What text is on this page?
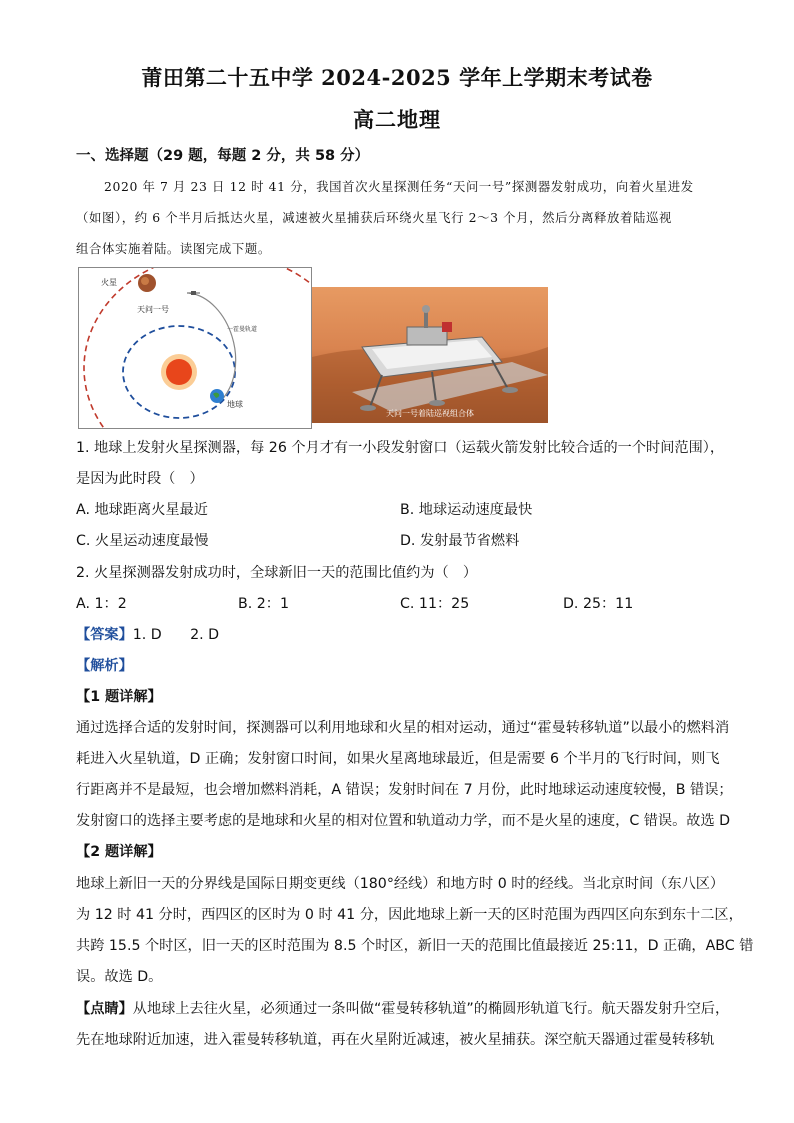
莆田第二十五中学 2024-2025 学年上学期末考试卷
高二地理
一、选择题（29 题，每题 2 分，共 58 分）
2020 年 7 月 23 日 12 时 41 分，我国首次火星探测任务“天问一号”探测器发射成功，向着火星进发
（如图），约 6 个半月后抵达火星，减速被火星捕获后环绕火星飞行 2～3 个月，然后分离释放着陆巡视
组合体实施着陆。读图完成下题。
火星
天问一号
一霍曼轨道
地球
天问一号着陆巡视组合体
1. 地球上发射火星探测器，每 26 个月才有一小段发射窗口（运载火箭发射比较合适的一个时间范围），
是因为此时段（　）
A. 地球距离火星最近	B. 地球运动速度最快
C. 火星运动速度最慢	D. 发射最节省燃料
2. 火星探测器发射成功时，全球新旧一天的范围比值约为（　）
A. 1：2	B. 2：1	C. 11：25	D. 25：11
【答案】1. D　　2. D
【解析】
【1 题详解】
通过选择合适的发射时间，探测器可以利用地球和火星的相对运动，通过“霍曼转移轨道”以最小的燃料消
耗进入火星轨道，D 正确；发射窗口时间，如果火星离地球最近，但是需要 6 个半月的飞行时间，则飞
行距离并不是最短，也会增加燃料消耗，A 错误；发射时间在 7 月份，此时地球运动速度较慢，B 错误；
发射窗口的选择主要考虑的是地球和火星的相对位置和轨道动力学，而不是火星的速度，C 错误。故选 D
【2 题详解】
地球上新旧一天的分界线是国际日期变更线（180°经线）和地方时 0 时的经线。当北京时间（东八区）
为 12 时 41 分时，西四区的区时为 0 时 41 分，因此地球上新一天的区时范围为西四区向东到东十二区，
共跨 15.5 个时区，旧一天的区时范围为 8.5 个时区，新旧一天的范围比值最接近 25:11，D 正确，ABC 错
误。故选 D。
【点睛】从地球上去往火星，必须通过一条叫做“霍曼转移轨道”的椭圆形轨道飞行。航天器发射升空后，
先在地球附近加速，进入霍曼转移轨道，再在火星附近减速，被火星捕获。深空航天器通过霍曼转移轨
